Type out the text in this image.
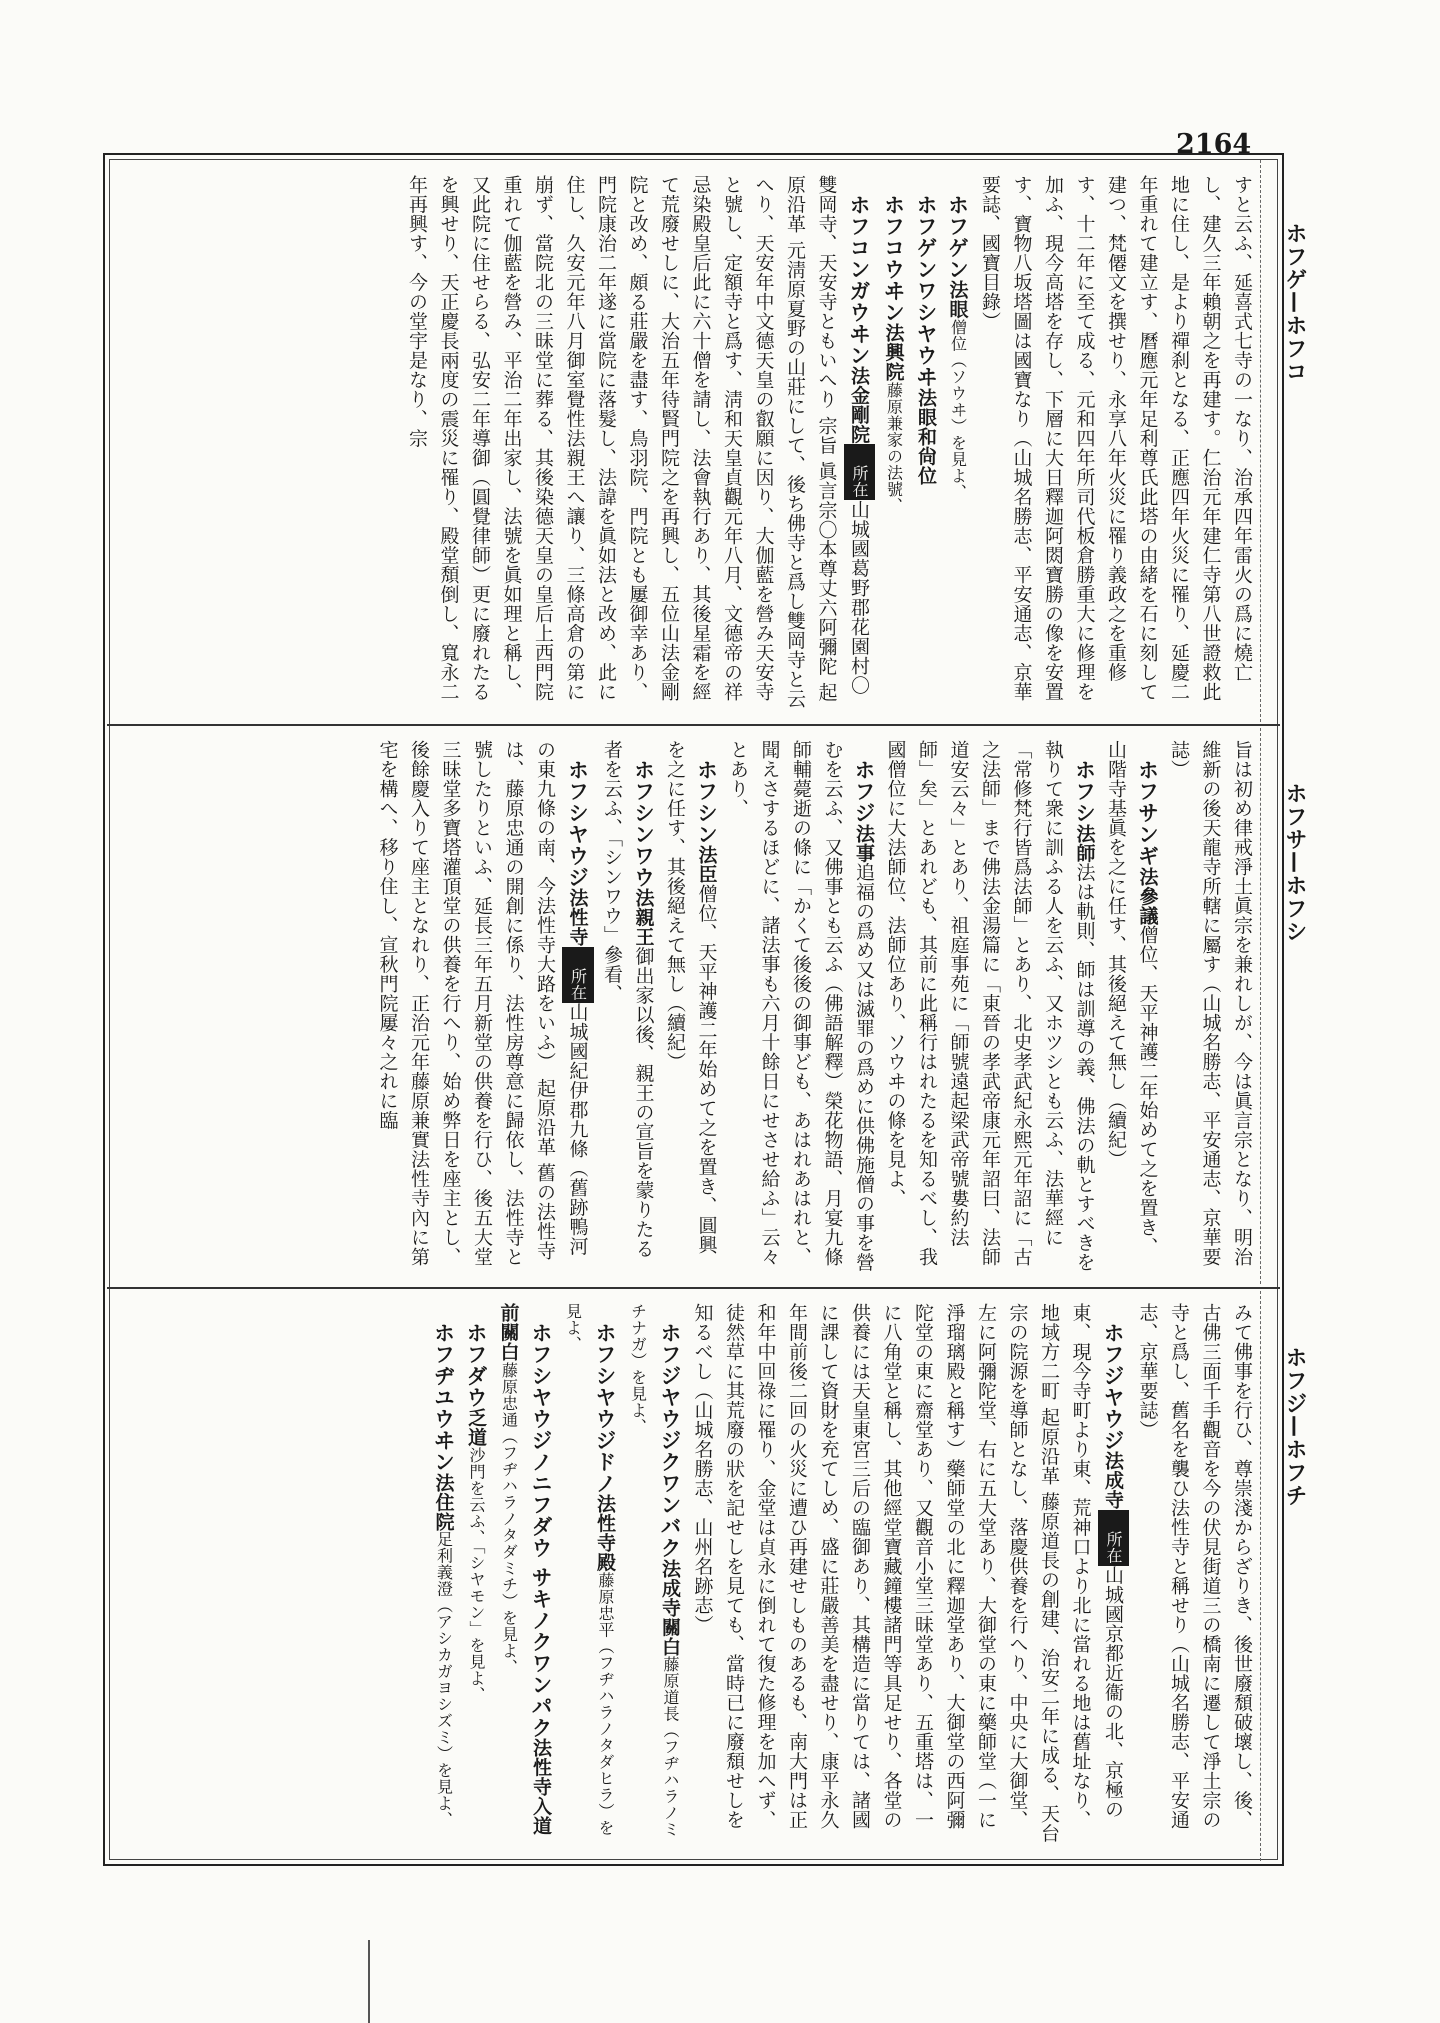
2164
ホフゲ—ホフコ
ホフサ—ホフシ
ホフジ—ホフチ

すと云ふ、延喜式七寺の一なり、治承四年雷火の爲に燒亡し、建久三年賴朝之を再建す。仁治元年建仁寺第八世證救此地に住し、是より禪刹となる、正應四年火災に罹り、延慶二年重れて建立す、曆應元年足利尊氏此塔の由緒を石に刻して建つ、梵僊文を撰せり、永享八年火災に罹り義政之を重修す、十二年に至て成る、元和四年所司代板倉勝重大に修理を加ふ、現今高塔を存し、下層に大日釋迦阿閦寶勝の像を安置す、寶物八坂塔圖は國寶なり（山城名勝志、平安通志、京華要誌、國寶目錄）

ホフゲン法眼僧位（ソウヰ）を見よ、

ホフゲンワシヤウヰ法眼和尙位

ホフコウヰン法興院藤原兼家の法號、

ホフコンガウヰン法金剛院所在山城國葛野郡花園村〇雙岡寺、天安寺ともいへり 宗旨 眞言宗〇本尊丈六阿彌陀 起原沿革 元淸原夏野の山莊にして、後ち佛寺と爲し雙岡寺と云へり、天安年中文德天皇の叡願に因り、大伽藍を營み天安寺と號し、定額寺と爲す、淸和天皇貞觀元年八月、文德帝の祥忌染殿皇后此に六十僧を請し、法會執行あり、其後星霜を經て荒廢せしに、大治五年待賢門院之を再興し、五位山法金剛院と改め、頗る莊嚴を盡す、鳥羽院、門院とも屢御幸あり、門院康治二年遂に當院に落髮し、法諱を眞如法と改め、此に住し、久安元年八月御室覺性法親王へ讓り、三條高倉の第に崩ず、當院北の三昧堂に葬る、其後染德天皇の皇后上西門院重れて伽藍を營み、平治二年出家し、法號を眞如理と稱し、又此院に住せらる、弘安二年導御（圓覺律師）更に廢れたるを興せり、天正慶長兩度の震災に罹り、殿堂頽倒し、寬永二年再興す、今の堂宇是なり、宗

旨は初め律戒淨土眞宗を兼れしが、今は眞言宗となり、明治維新の後天龍寺所轄に屬す（山城名勝志、平安通志、京華要誌）

ホフサンギ法參議僧位、天平神護二年始めて之を置き、山階寺基眞を之に任す、其後絕えて無し（續紀）

ホフシ法師法は軌則、師は訓導の義、佛法の軌とすべきを執りて衆に訓ふる人を云ふ、又ホツシとも云ふ、法華經に「常修梵行皆爲法師」とあり、北史孝武紀永熙元年詔に「古之法師」まで佛法金湯篇に「東晉の孝武帝康元年詔曰、法師道安云々」とあり、祖庭事苑に「師號遠起梁武帝號婁約法師」矣」とあれども、其前に此稱行はれたるを知るべし、我國僧位に大法師位、法師位あり、ソウヰの條を見よ、

ホフジ法事追福の爲め又は滅罪の爲めに供佛施僧の事を營むを云ふ、又佛事とも云ふ（佛語解釋）榮花物語、月宴九條師輔薨逝の條に「かくて後後の御事ども、あはれあはれと、聞えさするほどに、諸法事も六月十餘日にせさせ給ふ」云々とあり、

ホフシン法臣僧位、天平神護二年始めて之を置き、圓興を之に任す、其後絕えて無し（續紀）

ホフシンワウ法親王御出家以後、親王の宣旨を蒙りたる者を云ふ、「シンワウ」參看、

ホフシヤウジ法性寺所在山城國紀伊郡九條（舊跡鴨河の東九條の南、今法性寺大路をいふ） 起原沿革 舊の法性寺は、藤原忠通の開創に係り、法性房尊意に歸依し、法性寺と號したりといふ、延長三年五月新堂の供養を行ひ、後五大堂三昧堂多寶塔灌頂堂の供養を行へり、始め弊日を座主とし、後餘慶入りて座主となれり、正治元年藤原兼實法性寺內に第宅を構へ、移り住し、宣秋門院屢々之れに臨

みて佛事を行ひ、尊崇淺からざりき、後世廢頹破壞し、後、古佛三面千手觀音を今の伏見街道三の橋南に遷して淨土宗の寺と爲し、舊名を襲ひ法性寺と稱せり（山城名勝志、平安通志、京華要誌）

ホフジヤウジ法成寺所在山城國京都近衞の北、京極の東、現今寺町より東、荒神口より北に當れる地は舊址なり、地域方二町 起原沿革 藤原道長の創建、治安二年に成る、天台宗の院源を導師となし、落慶供養を行へり、中央に大御堂、左に阿彌陀堂、右に五大堂あり、大御堂の東に藥師堂（一に淨瑠璃殿と稱す）藥師堂の北に釋迦堂あり、大御堂の西阿彌陀堂の東に齋堂あり、又觀音小堂三昧堂あり、五重塔は、一に八角堂と稱し、其他經堂寶藏鐘樓諸門等具足せり、各堂の供養には天皇東宮三后の臨御あり、其構造に當りては、諸國に課して資財を充てしめ、盛に莊嚴善美を盡せり、康平永久年間前後二回の火災に遭ひ再建せしものあるも、南大門は正和年中回祿に罹り、金堂は貞永に倒れて復た修理を加へず、徒然草に其荒廢の狀を記せしを見ても、當時已に廢頹せしを知るべし（山城名勝志、山州名跡志）

ホフジヤウジクワンバク法成寺關白藤原道長（フヂハラノミチナガ）を見よ、

ホフシヤウジドノ法性寺殿藤原忠平（フヂハラノタダヒラ）を見よ、

ホフシヤウジノニフダウ サキノクワンパク法性寺入道前關白藤原忠通（フヂハラノタダミチ）を見よ、

ホフダウ乏道沙門を云ふ、「シヤモン」を見よ、

ホフヂユウヰン法住院足利義澄（アシカガヨシズミ）を見よ、
